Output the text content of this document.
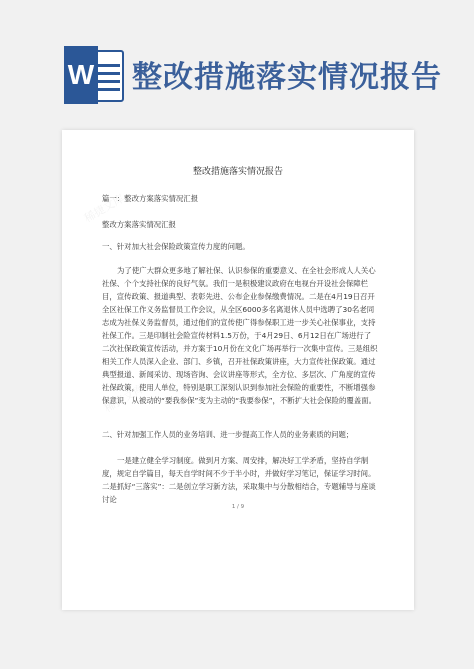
W 整改措施落实情况报告
稀捷文库
稀捷文库
稀捷文库
稀捷文库
整改措施落实情况报告
篇一：整改方案落实情况汇报
整改方案落实情况汇报
一、针对加大社会保险政策宣传力度的问题。

为了使广大群众更多地了解社保、认识参保的重要意义、在全社会形成人人关心社保、个个支持社保的良好气氛。我们一是积极建议政府在电视台开设社会保障栏目，宣传政策、报道典型、表彰先进、公布企业参保缴费情况。二是在4月19日召开全区社保工作义务监督员工作会议，从全区6000多名离退休人员中选聘了30名老同志成为社保义务监督员，通过他们的宣传使广得参保职工进一步关心社保事业，支持社保工作。三是印制社会险宣传材料1.5万份，于4月29日、6月12日在广场进行了二次社保政策宣传活动，并方案于10月份在文化广场再举行一次集中宣传。三是组织相关工作人员深入企业、部门、乡镇，召开社保政策讲座，大力宣传社保政策。通过典型报道、新闻采访、现场咨询、会议讲座等形式，全方位、多层次、广角度的宣传社保政策，使用人单位，特别是职工深刻认识到参加社会保险的重要性，不断增强参保意识，从被动的“要我参保”变为主动的“我要参保”，不断扩大社会保险的覆盖面。

二、针对加强工作人员的业务培训、进一步提高工作人员的业务素质的问题；

一是建立健全学习制度。做到月方案、周安排，解决好工学矛盾，坚持自学制度，规定自学篇目，每天自学时间不少于半小时，并做好学习笔记，保证学习时间。二是抓好“三落实”：二是创立学习新方法，采取集中与分散相结合，专题辅导与座谈讨论

1 / 9
